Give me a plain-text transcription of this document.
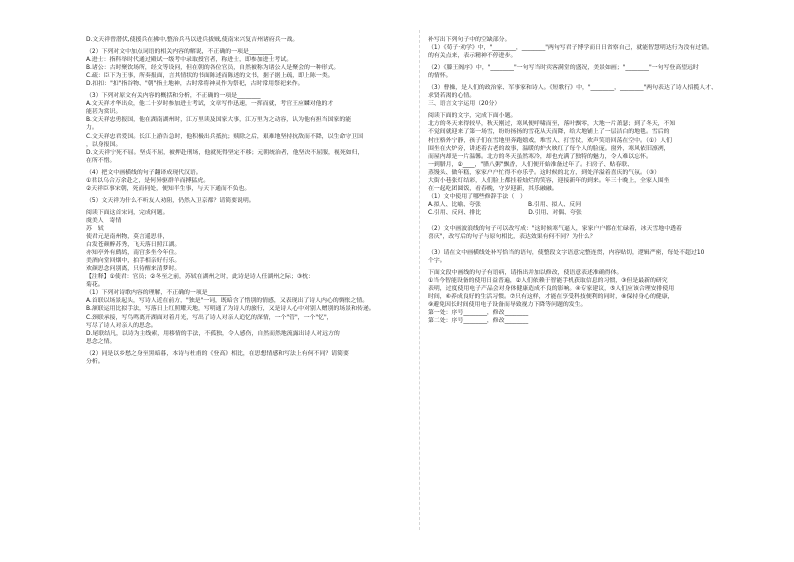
D.文天祥曾潜伏,使援兵在拂中,整治兵马以进兵拔贼,使南宋兴复吉州诸府兵一战。

（2）下列对文中加点词语的相关内容的解说，不正确的一项是________

A.进士：指科举时代通过殿试一级考中录取授官者，称进士，即参加进士考试。

B.诸公：古时聚饮场所，经文等设问，但在朝的各位官员，自然被称为诸公人是聚会的一种形式。

C.疏：臣下为王事，所奏报面，言其情状的书面陈述而陈述的文书，据子据上疏，即上陈一类。

D.扣扣："扣"指谷物、"朝"指土地神，古时常将神灵作为祭祀，古时常用祭祀来作。

（3）下列对原文有关内容的概括和分析，不正确的一项是________

A.文天祥才华出众，他二十岁时参加进士考试，文章写作迅速，一挥而就，考官王应麟对他的才

能甚为赏识。

B.文天祥忠勇报国，他在湖南湖州时，江万里读及国家大事，江万里为之动容，认为他有担当国家的能

力。

C.文天祥忠君爱国。长江上游告急时，他积极出兵抵抗；赎除之后，艰难地坚持抗敌而不降，以生命守卫国

，以身报国。

D.文天祥宁死不屈。坚贞不屈，被押赴刑场，他就死得坚定不移；元朝统治者，他坚决不屈服，视死如归，

在所不惜。

（4）把文中画横线的句子翻译成现代汉语。

①君以乌合万余赴之，是何异驱群羊而搏猛虎。

②天祥臣事宋朝，死而伺处，便知半生事，与天下通而不负也。

（5）文天祥为什么不听友人劝阻，仍然入卫京都？请简要说明。

阅读下面这首宋词，完成问题。

虞美人　寄情

苏　轼

使君元是南州物，莫言遥思非，

白发苍颜醉苏秀，飞天落日照江湖。

亦知亭外有鹧鸪，南宫多坐今年住。

美酒向堂回烟中，拍手相亲好行乐。

欢颜思念问别离，只待醒来清梦时。

【注释】①使君：官员；②冬至之前，苏轼在湖州之时，此诗是诗人任湖州之际；③枕：

菊花。

（1）下列对诗歌内容的理解，不正确的一项是________

A.首联以场景起头，写诗人近在前方，"独是"一词，既暗含了惜别的情感，又表现出了诗人内心的惆怅之情。

B.颔联运用比拟手法，写落日上红照耀天地，写明通了为诗人的旅行，又是诗人心中对别人赠别的场景和传递。

C.颈联承接，写鸟鸣离开湖面对着月光，写出了诗人对亲人追忆的深情，一个"管"，一个"忆"，

写尽了诗人对亲人的思念。

D.尾联结凡，以诗为主线索，用移情的手法，不孤独，令人感伤，自然而然地流露出诗人对远方的

思念之情。

（2）同是以乡愁之身至黑暗暮，本诗与杜甫的《登高》相比，在思想情感和写法上有何不同？请简要

分析。

补写出下列句子中的空缺部分。

（1）《荀子·劝学》中，"________，________"两句写君子博学而日日省察自己，就能智慧明达行为没有过错。

的有关点来，表示精神不停进步。

（2）《滕王阁序》中，"________"一句写当时宾客满堂的盛况，美景如画；"________"一句写登高望远时

的情怀。

（3）曹操，是人们的政治家、军事家和诗人。《短歌行》中，"________，________"两句表达了诗人招揽人才、

求贤若渴的心情。

三、语言文字运用（20分）

阅读下面的文字，完成下面小题。

北方的冬天来得较早，秋天刚过，寒风便呼啸而至，落叶飘零，大地一片萧瑟；到了冬天，不知

不觉间就迎来了第一场雪，纷纷扬扬的雪花从天而降，给大地铺上了一层洁白的地毯。雪后的

村庄格外宁静，孩子们在雪地里奔跑嬉戏，堆雪人、打雪仗，欢声笑语回荡在空中。（①）人们

围坐在火炉旁，讲述着古老的故事，温暖的炉火映红了每个人的脸庞。窗外，寒风依旧凛冽，

而屋内却是一片温馨。北方的冬天虽然寒冷，却也充满了独特的魅力，令人难以忘怀。

一到腊月，②____，"腊八粥"飘香，人们便开始准备过年了。扫房子、贴春联、

蒸馒头、做年糕，家家户户忙得不亦乐乎。这时候的北方，到处洋溢着喜庆的气氛。（③）

大街小巷张灯结彩，人们脸上都挂着灿烂的笑容，迎接新年的到来。年三十晚上，全家人围坐

在一起吃团圆饭，看春晚，守岁迎新，其乐融融。

（1）文中使用了哪些修辞手法（　）

A.拟人、比喻、夸张　　　　　　　　B.引用、拟人、反问

C.引用、反问、排比　　　　　　　　D.引用、对偶、夸张

（2）文中画波浪线的句子可以改写成："这时候寒气逼人，家家户户都在忙碌着，冰天雪地中透着

喜庆"，改写后的句子与原句相比，表达效果有何不同？为什么？

（3）请在文中画横线处补写恰当的语句，使整段文字语意完整连贯，内容贴切，逻辑严密，每处不超过10

个字。

下面文段中画线的句子有语病，请指出并加以修改，使语意表述准确得体。

①当今智能设备的使用日益普遍，②人们依赖于智能手机获取信息的习惯，③但是最新的研究

表明，过度使用电子产品会对身体健康造成不良的影响。④专家建议，⑤人们应该合理安排使用

时间，⑥养成良好的生活习惯。⑦只有这样，才能在享受科技便利的同时，⑧保持身心的健康，

⑨避免因长时间使用电子设备而导致视力下降等问题的发生。

第一处：序号________，修改________

第二处：序号________，修改________
